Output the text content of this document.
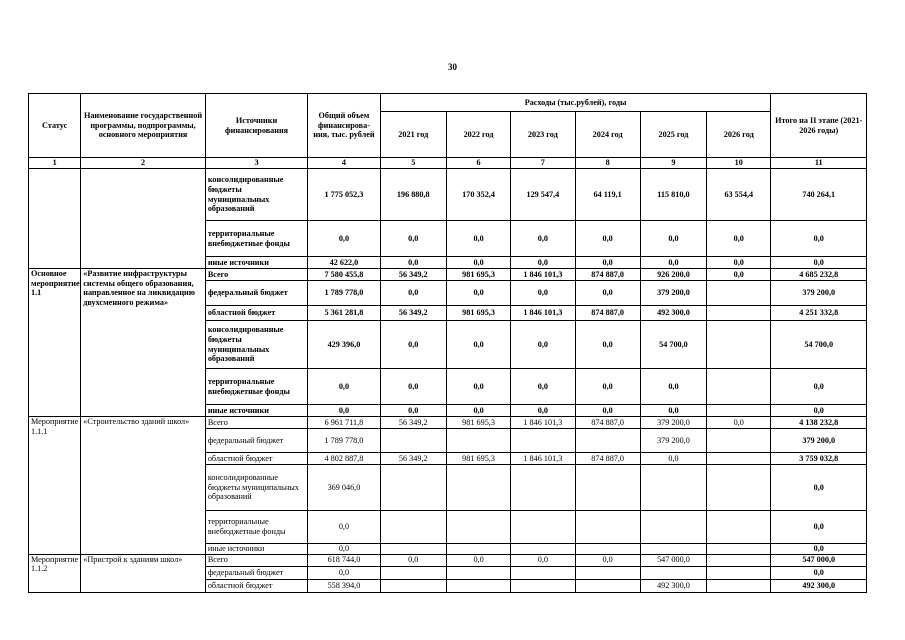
30
Статус	Наименование государственной программы, подпрограммы, основного мероприятия	Источники финансирования	Общий объем финансирова-ния, тыс. рублей	Расходы (тыс.рублей), годы						Итого на II этапе (2021-2026 годы)
				2021 год	2022 год	2023 год	2024 год	2025 год	2026 год	
1	2	3	4	5	6	7	8	9	10	11
		консолидированные бюджеты муниципальных образований	1 775 052,3	196 880,8	170 352,4	129 547,4	64 119,1	115 810,0	63 554,4	740 264,1
		территориальные внебюджетные фонды	0,0	0,0	0,0	0,0	0,0	0,0	0,0	0,0
		иные источники	42 622,0	0,0	0,0	0,0	0,0	0,0	0,0	0,0
Основное мероприятие 1.1	«Развитие инфраструктуры системы общего образования, направленное на ликвидацию двухсменного режима»	Всего	7 580 455,8	56 349,2	981 695,3	1 846 101,3	874 887,0	926 200,0	0,0	4 685 232,8
		федеральный бюджет	1 789 778,0	0,0	0,0	0,0	0,0	379 200,0		379 200,0
		областной бюджет	5 361 281,8	56 349,2	981 695,3	1 846 101,3	874 887,0	492 300,0		4 251 332,8
		консолидированные бюджеты муниципальных образований	429 396,0	0,0	0,0	0,0	0,0	54 700,0		54 700,0
		территориальные внебюджетные фонды	0,0	0,0	0,0	0,0	0,0	0,0		0,0
		иные источники	0,0	0,0	0,0	0,0	0,0	0,0		0,0
Мероприятие 1.1.1	«Строительство зданий школ»	Всего	6 961 711,8	56 349,2	981 695,3	1 846 101,3	874 887,0	379 200,0	0,0	4 138 232,8
		федеральный бюджет	1 789 778,0					379 200,0		379 200,0
		областной бюджет	4 802 887,8	56 349,2	981 695,3	1 846 101,3	874 887,0	0,0		3 759 032,8
		консолидированные бюджеты муниципальных образований	369 046,0							0,0
		территориальные внебюджетные фонды	0,0							0,0
		иные источники	0,0							0,0
Мероприятие 1.1.2	«Пристрой к зданиям школ»	Всего	618 744,0	0,0	0,0	0,0	0,0	547 000,0		547 000,0
		федеральный бюджет	0,0							0,0
		областной бюджет	558 394,0					492 300,0		492 300,0
